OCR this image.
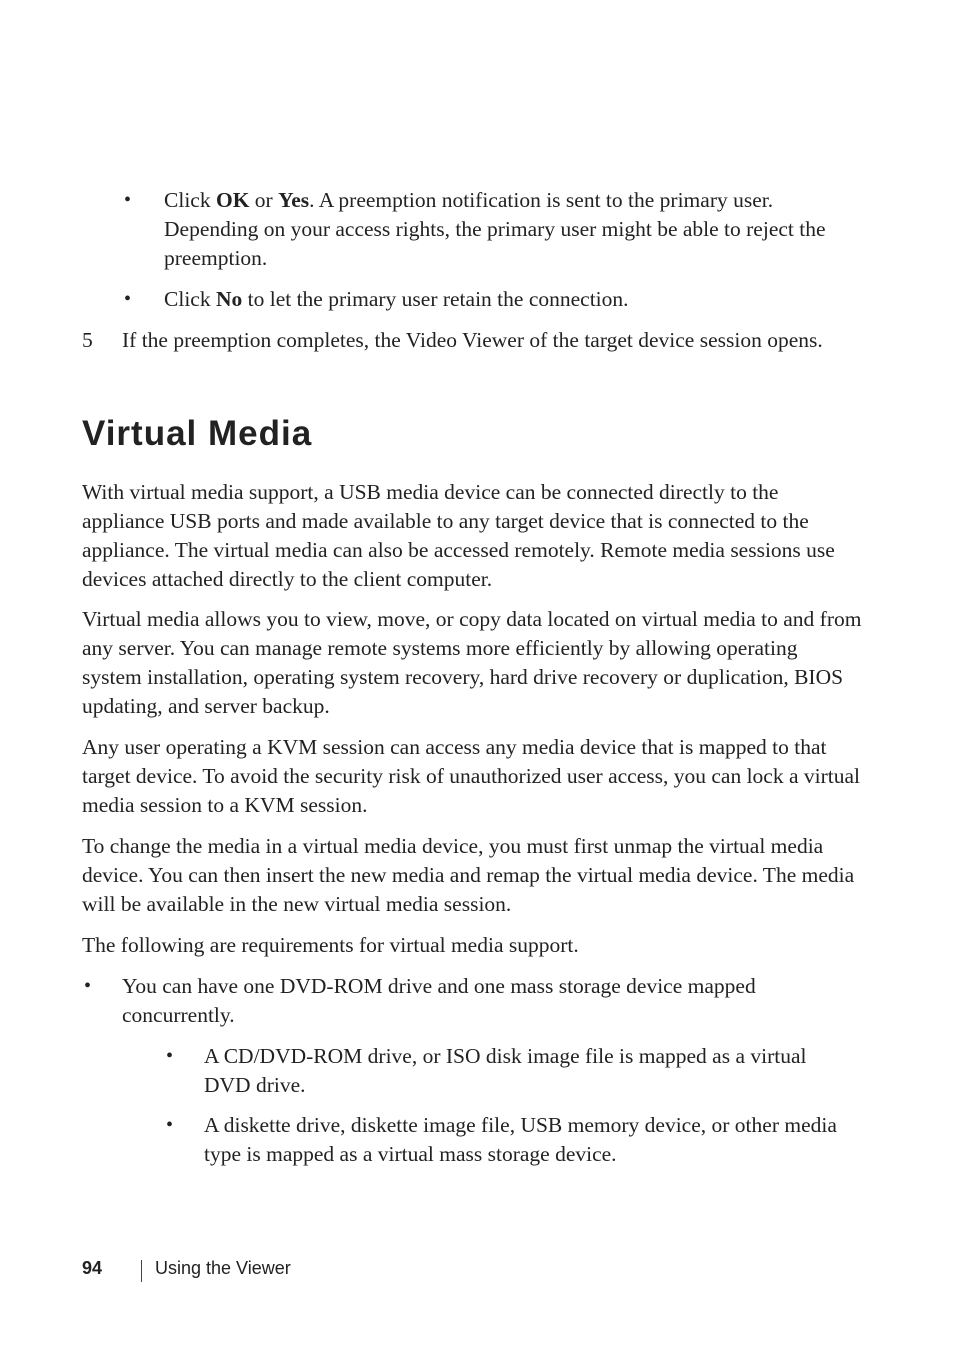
• Click OK or Yes. A preemption notification is sent to the primary user. Depending on your access rights, the primary user might be able to reject the preemption.

• Click No to let the primary user retain the connection.

5 If the preemption completes, the Video Viewer of the target device session opens.

Virtual Media

With virtual media support, a USB media device can be connected directly to the appliance USB ports and made available to any target device that is connected to the appliance. The virtual media can also be accessed remotely. Remote media sessions use devices attached directly to the client computer.

Virtual media allows you to view, move, or copy data located on virtual media to and from any server. You can manage remote systems more efficiently by allowing operating system installation, operating system recovery, hard drive recovery or duplication, BIOS updating, and server backup.

Any user operating a KVM session can access any media device that is mapped to that target device. To avoid the security risk of unauthorized user access, you can lock a virtual media session to a KVM session.

To change the media in a virtual media device, you must first unmap the virtual media device. You can then insert the new media and remap the virtual media device. The media will be available in the new virtual media session.

The following are requirements for virtual media support.

• You can have one DVD-ROM drive and one mass storage device mapped concurrently.

• A CD/DVD-ROM drive, or ISO disk image file is mapped as a virtual DVD drive.

• A diskette drive, diskette image file, USB memory device, or other media type is mapped as a virtual mass storage device.

94	Using the Viewer
